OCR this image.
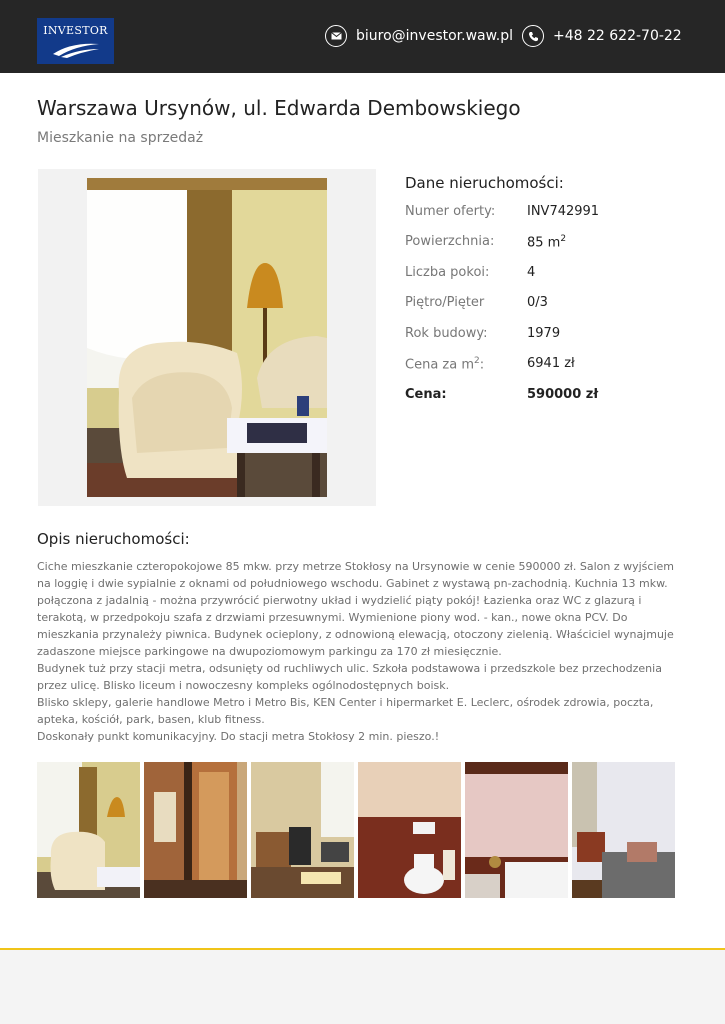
INVESTOR	biuro@investor.waw.pl	+48 22 622-70-22
Warszawa Ursynów, ul. Edwarda Dembowskiego
Mieszkanie na sprzedaż
Dane nieruchomości:
Numer oferty: INV742991
Powierzchnia:	85 $m^2$
Liczba pokoi:	4
Piętro/Pięter	0/3
Rok budowy:	1979
Cena za $m^2$:	6941 zł
Cena:	590000 zł
Opis nieruchomości:

Ciche mieszkanie czteropokojowe 85 mkw. przy metrze Stokłosy na Ursynowie w cenie 590000 zł. Salon z wyjściem na loggię i dwie sypialnie z oknami od południowego wschodu. Gabinet z wystawą pn-zachodnią. Kuchnia 13 mkw. połączona z jadalnią - można przywrócić pierwotny układ i wydzielić piąty pokój! Łazienka oraz WC z glazurą i terakotą, w przedpokoju szafa z drzwiami przesuwnymi. Wymienione piony wod. - kan., nowe okna PCV. Do mieszkania przynależy piwnica. Budynek ocieplony, z odnowioną elewacją, otoczony zielenią. Właściciel wynajmuje zadaszone miejsce parkingowe na dwupoziomowym parkingu za 170 zł miesięcznie.

Budynek tuż przy stacji metra, odsunięty od ruchliwych ulic. Szkoła podstawowa i przedszkole bez przechodzenia przez ulicę. Blisko liceum i nowoczesny kompleks ogólnodostępnych boisk.

Blisko sklepy, galerie handlowe Metro i Metro Bis, KEN Center i hipermarket E. Leclerc, ośrodek zdrowia, poczta, apteka, kościół, park, basen, klub fitness.

Doskonały punkt komunikacyjny. Do stacji metra Stokłosy 2 min. pieszo.!
